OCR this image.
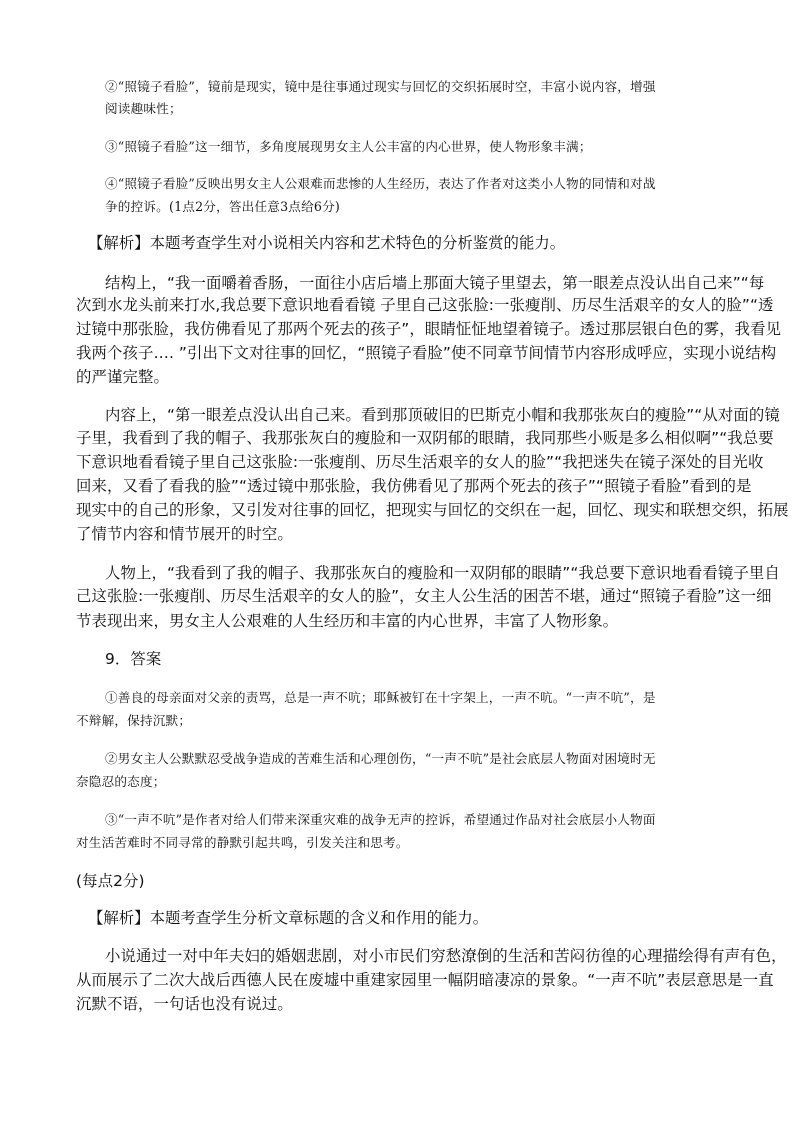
②“照镜子看脸”，镜前是现实，镜中是往事通过现实与回忆的交织拓展时空，丰富小说内容，增强
阅读趣味性；
③“照镜子看脸”这一细节，多角度展现男女主人公丰富的内心世界，使人物形象丰满；
④“照镜子看脸”反映出男女主人公艰难而悲惨的人生经历，表达了作者对这类小人物的同情和对战
争的控诉。(1点2分，答出任意3点给6分)
【解析】本题考查学生对小说相关内容和艺术特色的分析鉴赏的能力。
结构上，“我一面嚼着香肠，一面往小店后墙上那面大镜子里望去，第一眼差点没认出自己来”“每
次到水龙头前来打水,我总要下意识地看看镜 子里自己这张脸:一张瘦削、历尽生活艰辛的女人的脸”“透
过镜中那张脸，我仿佛看见了那两个死去的孩子”，眼睛怔怔地望着镜子。透过那层银白色的雾，我看见
我两个孩子…. ”引出下文对往事的回忆，“照镜子看脸”使不同章节间情节内容形成呼应，实现小说结构
的严谨完整。
内容上，“第一眼差点没认出自己来。看到那顶破旧的巴斯克小帽和我那张灰白的瘦脸”“从对面的镜
子里，我看到了我的帽子、我那张灰白的瘦脸和一双阴郁的眼睛，我同那些小贩是多么相似啊”“我总要
下意识地看看镜子里自己这张脸:一张瘦削、历尽生活艰辛的女人的脸”“我把迷失在镜子深处的目光收
回来，又看了看我的脸”“透过镜中那张脸，我仿佛看见了那两个死去的孩子”“照镜子看脸”看到的是
现实中的自己的形象，又引发对往事的回忆，把现实与回忆的交织在一起，回忆、现实和联想交织，拓展
了情节内容和情节展开的时空。
人物上，“我看到了我的帽子、我那张灰白的瘦脸和一双阴郁的眼睛”“我总要下意识地看看镜子里自
己这张脸:一张瘦削、历尽生活艰辛的女人的脸”，女主人公生活的困苦不堪，通过“照镜子看脸”这一细
节表现出来，男女主人公艰难的人生经历和丰富的内心世界，丰富了人物形象。
9．答案
①善良的母亲面对父亲的责骂，总是一声不吭；耶稣被钉在十字架上，一声不吭。“一声不吭”，是
不辩解，保持沉默；
②男女主人公默默忍受战争造成的苦难生活和心理创伤，“一声不吭”是社会底层人物面对困境时无
奈隐忍的态度；
③“一声不吭”是作者对给人们带来深重灾难的战争无声的控诉，希望通过作品对社会底层小人物面
对生活苦难时不同寻常的静默引起共鸣，引发关注和思考。
(每点2分)
【解析】本题考查学生分析文章标题的含义和作用的能力。
小说通过一对中年夫妇的婚姻悲剧，对小市民们穷愁潦倒的生活和苦闷彷徨的心理描绘得有声有色，
从而展示了二次大战后西德人民在废墟中重建家园里一幅阴暗凄凉的景象。“一声不吭”表层意思是一直
沉默不语，一句话也没有说过。
